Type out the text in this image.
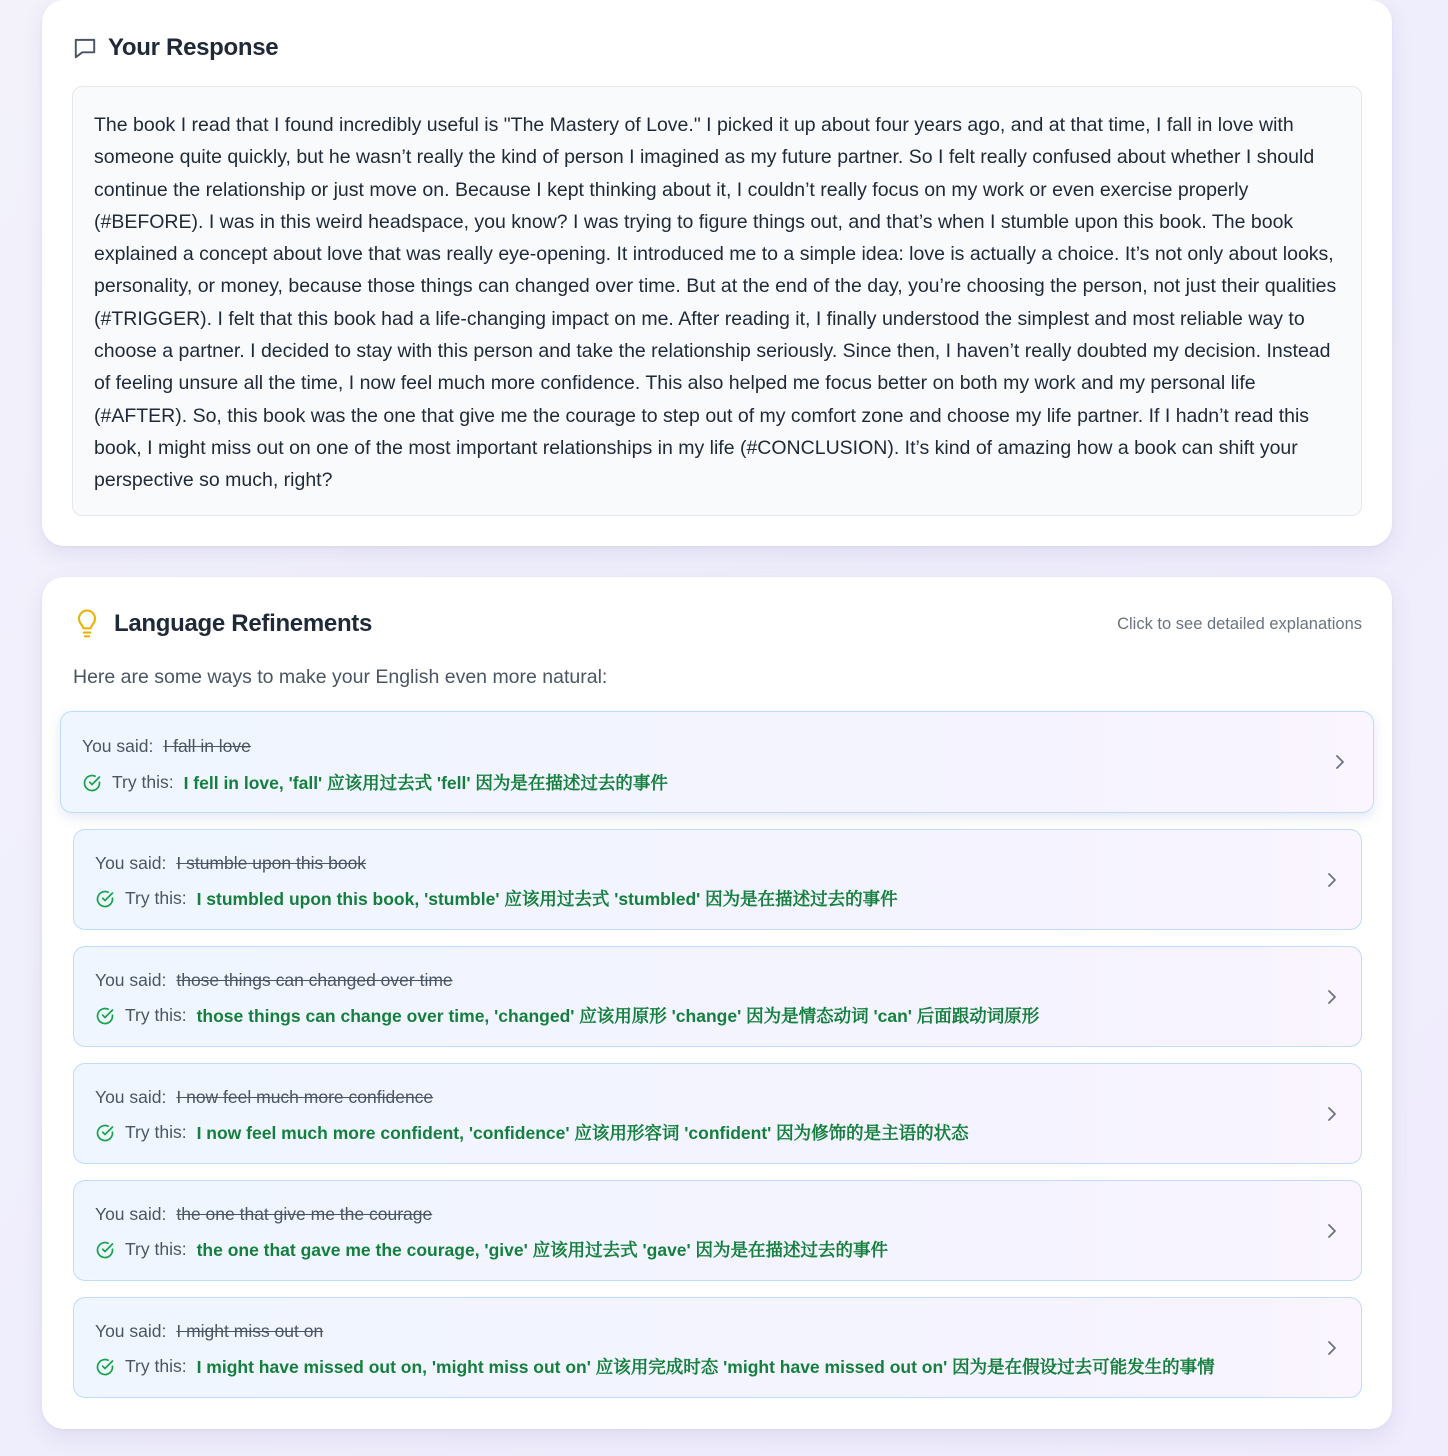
Your Response
The book I read that I found incredibly useful is "The Mastery of Love." I picked it up about four years ago, and at that time, I fall in love with someone quite quickly, but he wasn’t really the kind of person I imagined as my future partner. So I felt really confused about whether I should continue the relationship or just move on. Because I kept thinking about it, I couldn’t really focus on my work or even exercise properly (#BEFORE). I was in this weird headspace, you know? I was trying to figure things out, and that’s when I stumble upon this book. The book explained a concept about love that was really eye-opening. It introduced me to a simple idea: love is actually a choice. It’s not only about looks, personality, or money, because those things can changed over time. But at the end of the day, you’re choosing the person, not just their qualities (#TRIGGER). I felt that this book had a life-changing impact on me. After reading it, I finally understood the simplest and most reliable way to choose a partner. I decided to stay with this person and take the relationship seriously. Since then, I haven’t really doubted my decision. Instead of feeling unsure all the time, I now feel much more confidence. This also helped me focus better on both my work and my personal life (#AFTER). So, this book was the one that give me the courage to step out of my comfort zone and choose my life partner. If I hadn’t read this book, I might miss out on one of the most important relationships in my life (#CONCLUSION). It’s kind of amazing how a book can shift your perspective so much, right?
Language Refinements	Click to see detailed explanations
Here are some ways to make your English even more natural:
You said: I fall in love
Try this: I fell in love, 'fall' 应该用过去式 'fell' 因为是在描述过去的事件
You said: I stumble upon this book
Try this: I stumbled upon this book, 'stumble' 应该用过去式 'stumbled' 因为是在描述过去的事件
You said: those things can changed over time
Try this: those things can change over time, 'changed' 应该用原形 'change' 因为是情态动词 'can' 后面跟动词原形
You said: I now feel much more confidence
Try this: I now feel much more confident, 'confidence' 应该用形容词 'confident' 因为修饰的是主语的状态
You said: the one that give me the courage
Try this: the one that gave me the courage, 'give' 应该用过去式 'gave' 因为是在描述过去的事件
You said: I might miss out on
Try this: I might have missed out on, 'might miss out on' 应该用完成时态 'might have missed out on' 因为是在假设过去可能发生的事情
